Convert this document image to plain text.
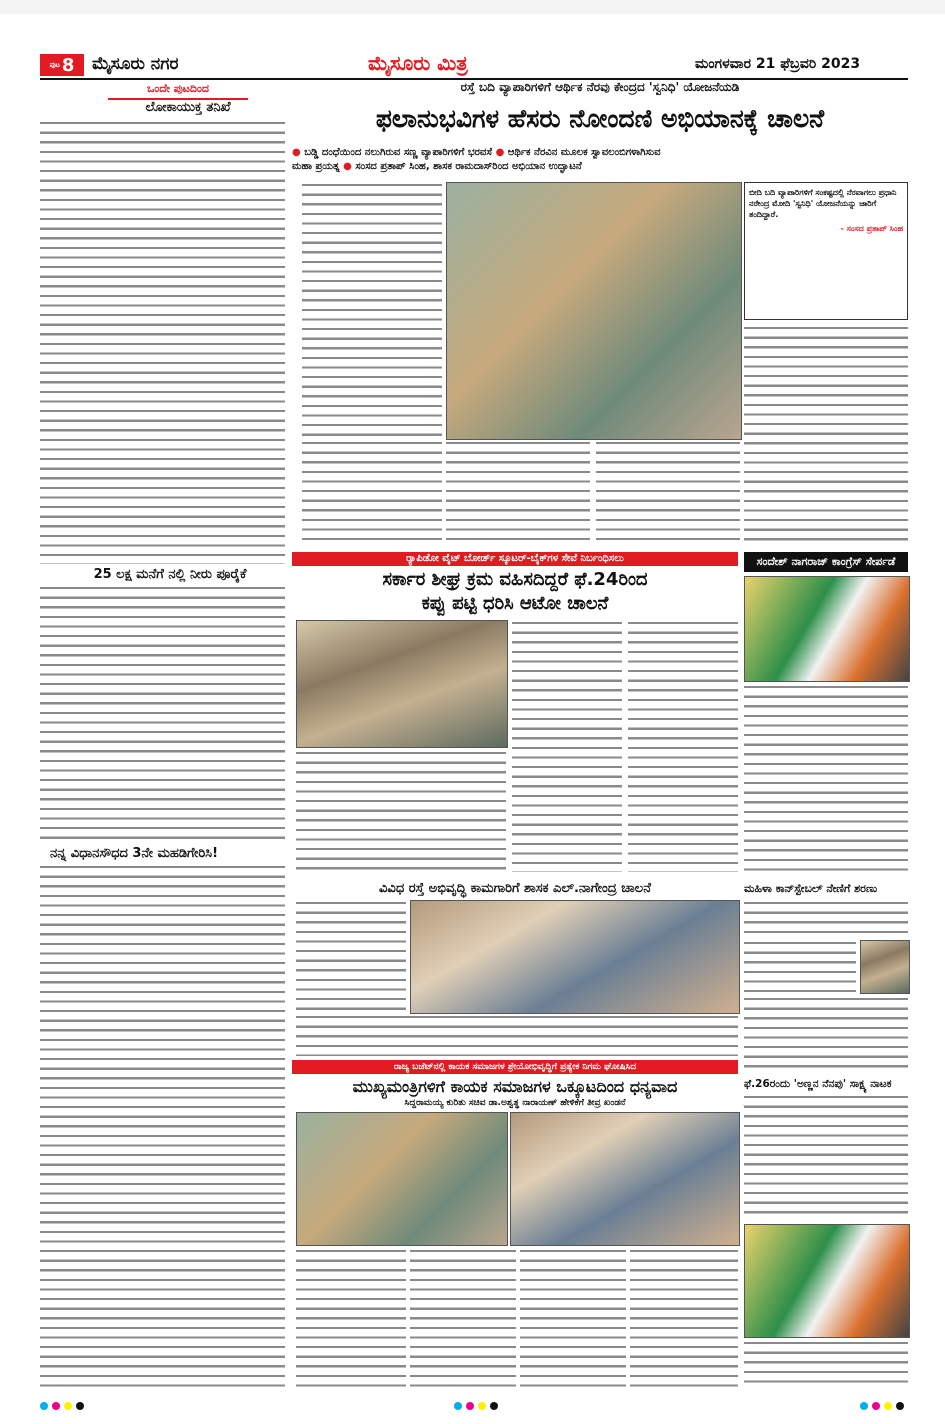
ಪುಟ 8 ಮೈಸೂರು ನಗರ	ಮೈಸೂರು ಮಿತ್ರ	ಮಂಗಳವಾರ 21 ಫೆಬ್ರವರಿ 2023
ಒಂದೇ ಪುಟದಿಂದ
ಲೋಕಾಯುಕ್ತ ತನಿಖೆ
25 ಲಕ್ಷ ಮನೆಗೆ ನಲ್ಲಿ ನೀರು ಪೂರೈಕೆ
ನನ್ನ ವಿಧಾನಸೌಧದ 3ನೇ ಮಹಡಿಗೇರಿಸಿ!
ರಸ್ತೆ ಬದಿ ವ್ಯಾಪಾರಿಗಳಿಗೆ ಆರ್ಥಿಕ ನೆರವು ಕೇಂದ್ರದ 'ಸ್ವನಿಧಿ' ಯೋಜನೆಯಡಿ
ಫಲಾನುಭವಿಗಳ ಹೆಸರು ನೋಂದಣಿ ಅಭಿಯಾನಕ್ಕೆ ಚಾಲನೆ
● ಬಡ್ಡಿ ದಂಧೆಯಿಂದ ನಲುಗಿರುವ ಸಣ್ಣ ವ್ಯಾಪಾರಿಗಳಿಗೆ ಭರವಸೆ ● ಆರ್ಥಿಕ ನೆರವಿನ ಮೂಲಕ ಸ್ವಾವಲಂಬಿಗಳಾಗಿಸುವ
ಮಹಾ ಪ್ರಯತ್ನ ● ಸಂಸದ ಪ್ರತಾಪ್ ಸಿಂಹ, ಶಾಸಕ ರಾಮದಾಸ್‌ರಿಂದ ಅಭಿಯಾನ ಉದ್ಘಾಟನೆ
ಬೀದಿ ಬದಿ ವ್ಯಾಪಾರಿಗಳಿಗೆ ಸಂಕಷ್ಟದಲ್ಲಿ ನೆರವಾಗಲು ಪ್ರಧಾನಿ ನರೇಂದ್ರ ಮೋದಿ 'ಸ್ವನಿಧಿ' ಯೋಜನೆಯನ್ನು ಜಾರಿಗೆ ತಂದಿದ್ದಾರೆ.
- ಸಂಸದ ಪ್ರತಾಪ್ ಸಿಂಹ
ರ‍್ಯಾಪಿಡೋ ವೈಟ್ ಬೋರ್ಡ್ ಸ್ಕೂಟರ್-ಬೈಕ್‌ಗಳ ಸೇವೆ ನಿರ್ಬಂಧಿಸಲು
ಸರ್ಕಾರ ಶೀಘ್ರ ಕ್ರಮ ವಹಿಸದಿದ್ದರೆ ಫೆ.24ರಿಂದ
ಕಪ್ಪು ಪಟ್ಟಿ ಧರಿಸಿ ಆಟೋ ಚಾಲನೆ
ಸಂದೇಶ್ ನಾಗರಾಜ್ ಕಾಂಗ್ರೆಸ್ ಸೇರ್ಪಡೆ
ವಿವಿಧ ರಸ್ತೆ ಅಭಿವೃದ್ಧಿ ಕಾಮಗಾರಿಗೆ ಶಾಸಕ ಎಲ್.ನಾಗೇಂದ್ರ ಚಾಲನೆ	ಮಹಿಳಾ ಕಾನ್‌ಸ್ಟೇಬಲ್ ನೇಣಿಗೆ ಶರಣು
ರಾಜ್ಯ ಬಜೆಟ್‌ನಲ್ಲಿ ಕಾಯಕ ಸಮಾಜಗಳ ಶ್ರೇಯೋಭಿವೃದ್ಧಿಗೆ ಪ್ರತ್ಯೇಕ ನಿಗಮ ಘೋಷಿಸಿದ
ಮುಖ್ಯಮಂತ್ರಿಗಳಿಗೆ ಕಾಯಕ ಸಮಾಜಗಳ ಒಕ್ಕೂಟದಿಂದ ಧನ್ಯವಾದ
ಸಿದ್ದರಾಮಯ್ಯ ಕುರಿತು ಸಚಿವ ಡಾ.ಅಶ್ವತ್ಥ ನಾರಾಯಣ್ ಹೇಳಿಕೆಗೆ ತೀವ್ರ ಖಂಡನೆ
ಫೆ.26ರಂದು 'ಅಣ್ಣನ ನೆನಪು' ಸಾಕ್ಷ್ಯ ನಾಟಕ
